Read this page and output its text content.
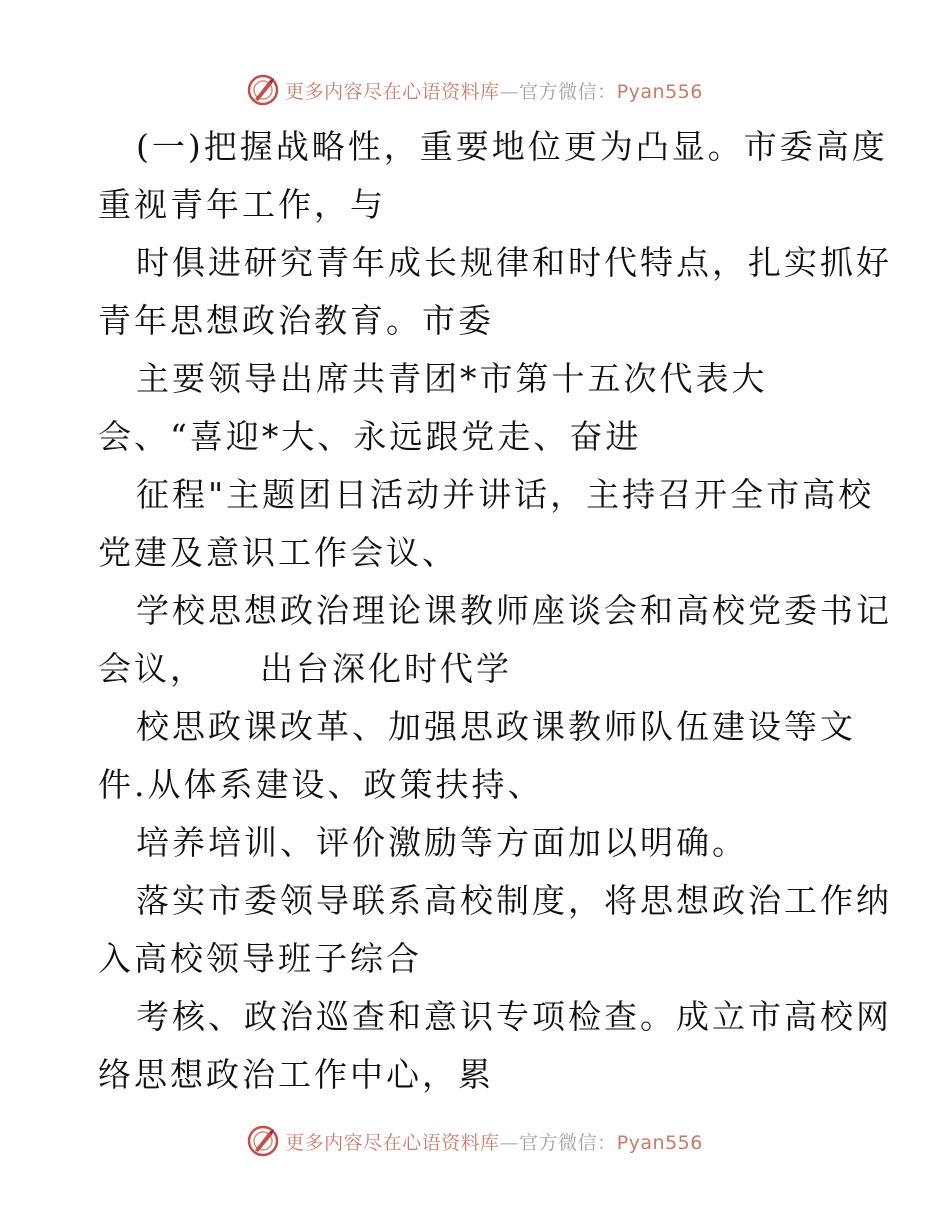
更多内容尽在心语资料库—官方微信：Pyan556
(一)把握战略性，重要地位更为凸显。市委高度
重视青年工作，与
时俱进研究青年成长规律和时代特点，扎实抓好
青年思想政治教育。市委
主要领导出席共青团*市第十五次代表大
会、“喜迎*大、永远跟党走、奋进
征程"主题团日活动并讲话，主持召开全市高校
党建及意识工作会议、
学校思想政治理论课教师座谈会和高校党委书记
会议， 出台深化时代学
校思政课改革、加强思政课教师队伍建设等文
件.从体系建设、政策扶持、
培养培训、评价激励等方面加以明确。
落实市委领导联系高校制度，将思想政治工作纳
入高校领导班子综合
考核、政治巡查和意识专项检查。成立市高校网
络思想政治工作中心，累
更多内容尽在心语资料库—官方微信：Pyan556
